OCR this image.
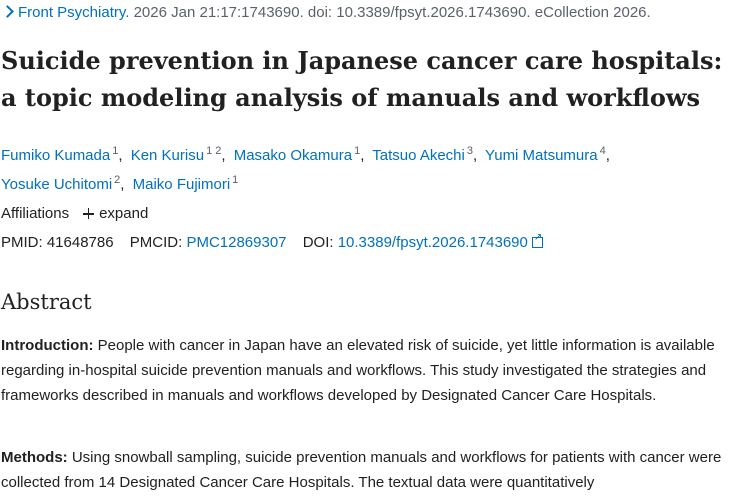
Front Psychiatry. 2026 Jan 21:17:1743690. doi: 10.3389/fpsyt.2026.1743690. eCollection 2026.
Suicide prevention in Japanese cancer care hospitals: a topic modeling analysis of manuals and workflows
Fumiko Kumada $^1$, Ken Kurisu $^{1 2}$, Masako Okamura $^1$, Tatsuo Akechi $^3$, Yumi Matsumura $^4$,
Yosuke Uchitomi $^2$, Maiko Fujimori $^1$
Affiliations expand
PMID: 41648786 PMCID: PMC12869307 DOI: 10.3389/fpsyt.2026.1743690↗
Abstract

Introduction: People with cancer in Japan have an elevated risk of suicide, yet little information is available regarding in-hospital suicide prevention manuals and workflows. This study investigated the strategies and frameworks described in manuals and workflows developed by Designated Cancer Care Hospitals.

Methods: Using snowball sampling, suicide prevention manuals and workflows for patients with cancer were collected from 14 Designated Cancer Care Hospitals. The textual data were quantitatively
